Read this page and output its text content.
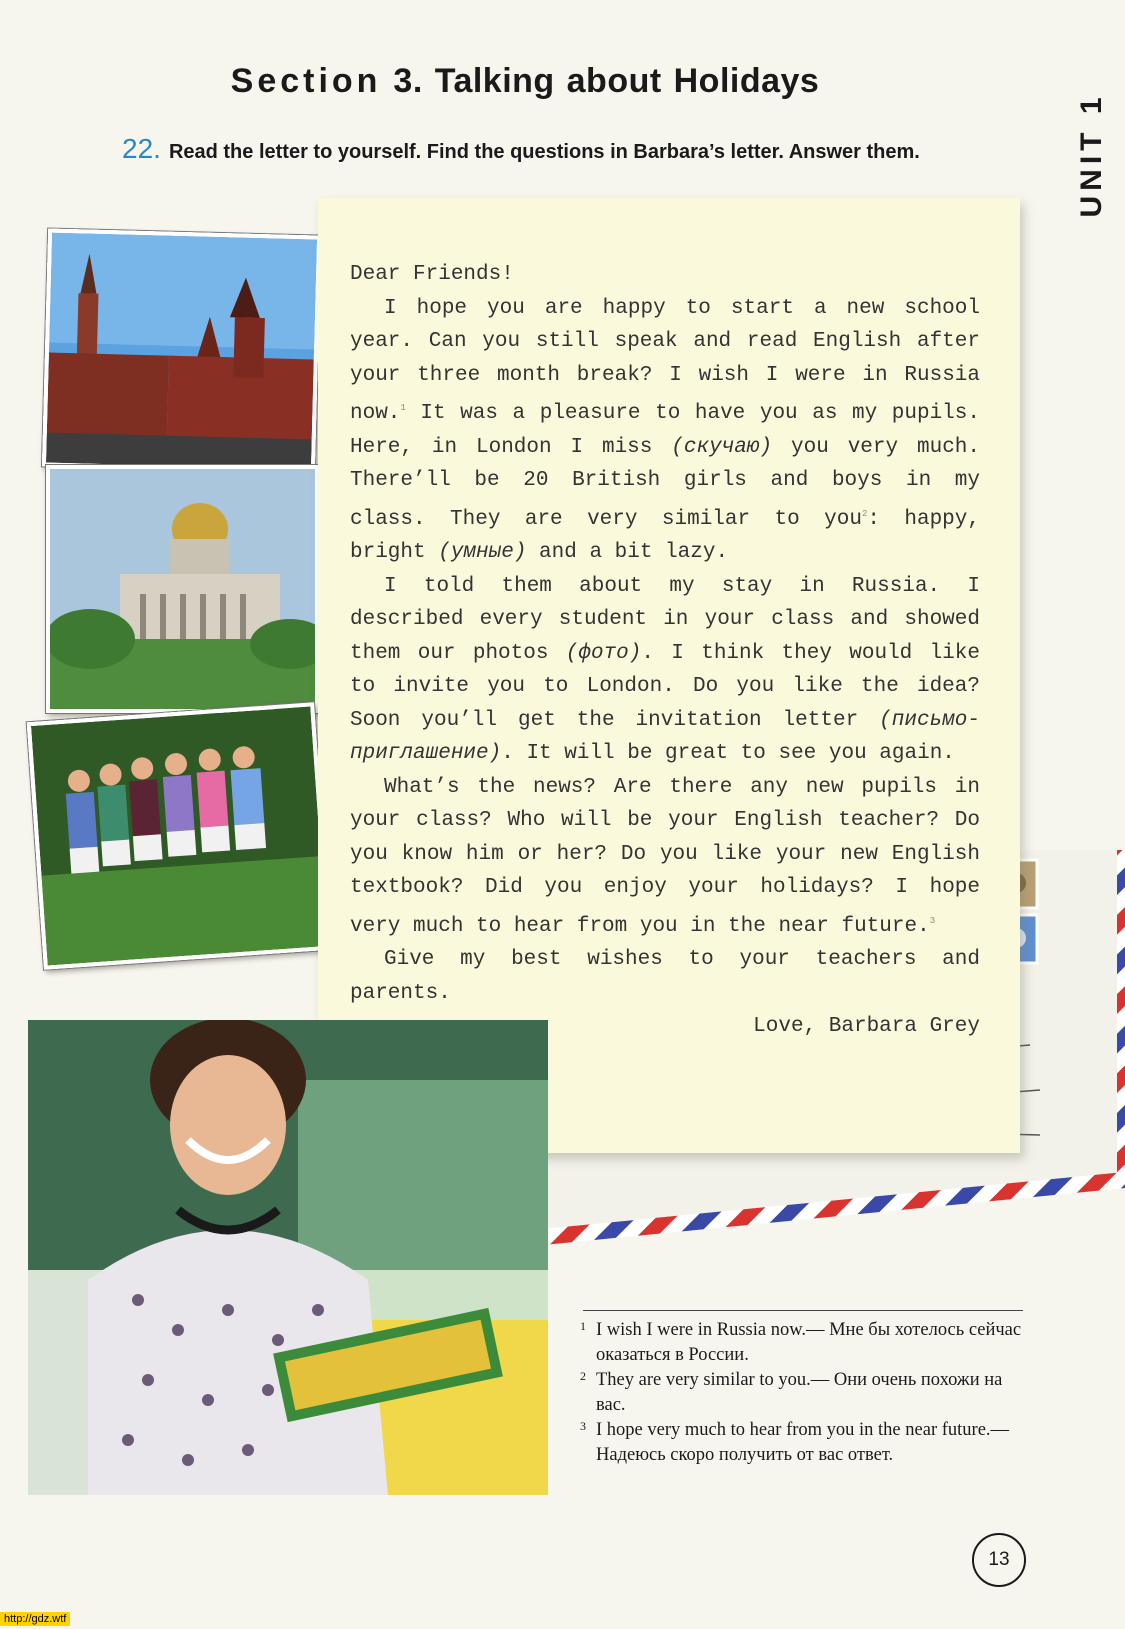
Section 3. Talking about Holidays
UNIT 1
22. Read the letter to yourself. Find the questions in Barbara’s letter. Answer them.

Dear Friends!

I hope you are happy to start a new school year. Can you still speak and read English after your three month break? I wish I were in Russia now.$^1$ It was a pleasure to have you as my pupils. Here, in London I miss (скучаю) you very much. There’ll be 20 British girls and boys in my class. They are very similar to you$^2$: happy, bright (умные) and a bit lazy.

I told them about my stay in Russia. I described every student in your class and showed them our photos (фото). I think they would like to invite you to London. Do you like the idea? Soon you’ll get the invitation letter (письмо-приглашение). It will be great to see you again.

What’s the news? Are there any new pupils in your class? Who will be your English teacher? Do you know him or her? Do you like your new English textbook? Did you enjoy your holidays? I hope very much to hear from you in the near future.$^3$

Give my best wishes to your teachers and parents.

Love, Barbara Grey

1 I wish I were in Russia now.— Мне бы хотелось сейчас оказаться в России.
2 They are very similar to you.— Они очень похожи на вас.
3 I hope very much to hear from you in the near future.— Надеюсь скоро получить от вас ответ.
13
http://gdz.wtf
